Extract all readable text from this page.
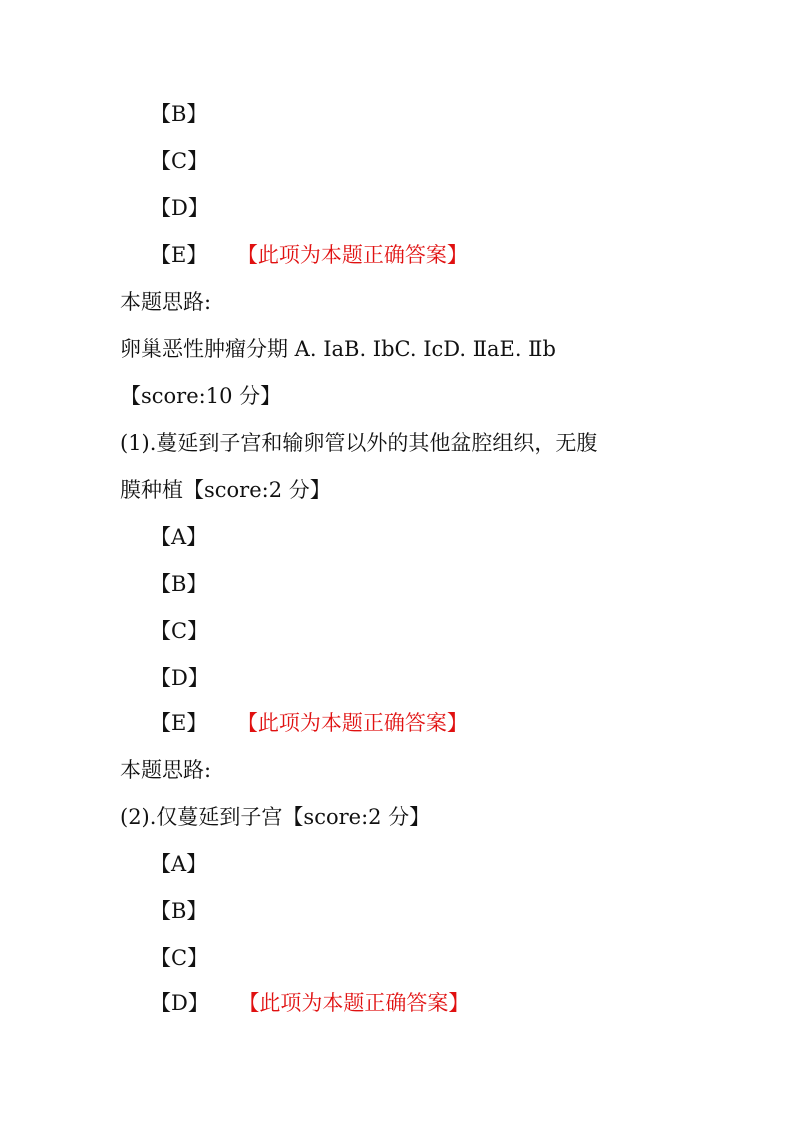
【B】
【C】
【D】
【E】 【此项为本题正确答案】
本题思路:
卵巢恶性肿瘤分期 A. IaB. IbC. IcD. ⅡaE. Ⅱb
【score:10 分】
(1).蔓延到子宫和输卵管以外的其他盆腔组织，无腹
膜种植【score:2 分】
【A】
【B】
【C】
【D】
【E】 【此项为本题正确答案】
本题思路:
(2).仅蔓延到子宫【score:2 分】
【A】
【B】
【C】
【D】 【此项为本题正确答案】
